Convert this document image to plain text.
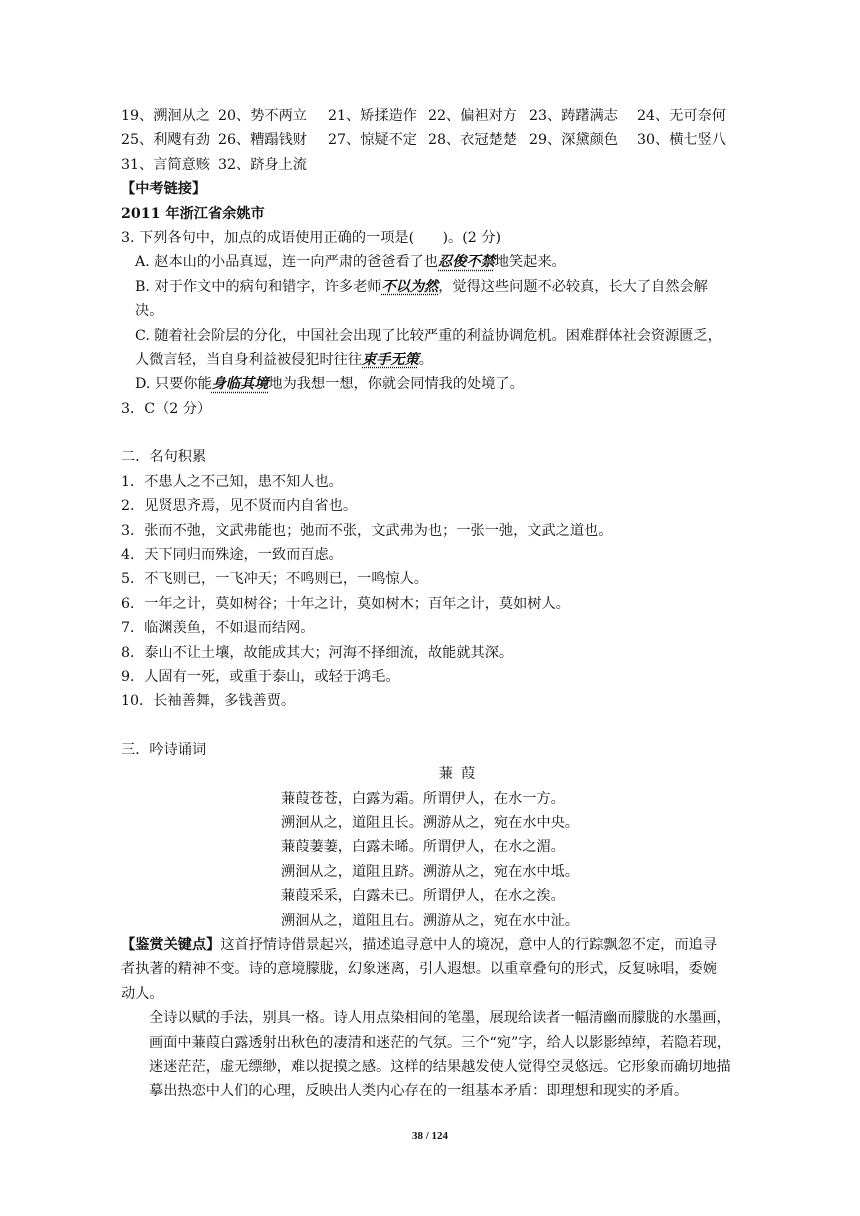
19、溯洄从之 20、势不两立	21、矫揉造作 22、偏袒对方 23、踌躇满志	24、无可奈何
25、利飕有劲 26、糟蹋钱财	27、惊疑不定 28、衣冠楚楚 29、深黛颜色	30、横七竖八
31、言简意赅 32、跻身上流
【中考链接】
2011 年浙江省余姚市
3. 下列各句中，加点的成语使用正确的一项是(　　)。(2 分)
A. 赵本山的小品真逗，连一向严肃的爸爸看了也忍俊不禁地笑起来。
B. 对于作文中的病句和错字，许多老师不以为然，觉得这些问题不必较真，长大了自然会解决。
C. 随着社会阶层的分化，中国社会出现了比较严重的利益协调危机。困难群体社会资源匮乏，人微言轻，当自身利益被侵犯时往往束手无策。
D. 只要你能身临其境地为我想一想，你就会同情我的处境了。
3．C（2 分）
二．名句积累
1．不患人之不己知，患不知人也。
2．见贤思齐焉，见不贤而内自省也。
3．张而不弛，文武弗能也；弛而不张，文武弗为也；一张一弛，文武之道也。
4．天下同归而殊途，一致而百虑。
5．不飞则已，一飞冲天；不鸣则已，一鸣惊人。
6．一年之计，莫如树谷；十年之计，莫如树木；百年之计，莫如树人。
7．临渊羡鱼，不如退而结网。
8．泰山不让土壤，故能成其大；河海不择细流，故能就其深。
9．人固有一死，或重于泰山，或轻于鸿毛。
10．长袖善舞，多钱善贾。
三．吟诗诵词
蒹葭
蒹葭苍苍，白露为霜。所谓伊人，在水一方。
溯洄从之，道阻且长。溯游从之，宛在水中央。
蒹葭萋萋，白露未晞。所谓伊人，在水之湄。
溯洄从之，道阻且跻。溯游从之，宛在水中坻。
蒹葭采采，白露未已。所谓伊人，在水之涘。
溯洄从之，道阻且右。溯游从之，宛在水中沚。
【鉴赏关键点】这首抒情诗借景起兴，描述追寻意中人的境况，意中人的行踪飘忽不定，而追寻者执著的精神不变。诗的意境朦胧，幻象迷离，引人遐想。以重章叠句的形式，反复咏唱，委婉动人。
全诗以赋的手法，别具一格。诗人用点染相间的笔墨，展现给读者一幅清幽而朦胧的水墨画，画面中蒹葭白露透射出秋色的凄清和迷茫的气氛。三个“宛”字，给人以影影绰绰，若隐若现，迷迷茫茫，虚无缥缈，难以捉摸之感。这样的结果越发使人觉得空灵悠远。它形象而确切地描摹出热恋中人们的心理，反映出人类内心存在的一组基本矛盾：即理想和现实的矛盾。
38 / 124
